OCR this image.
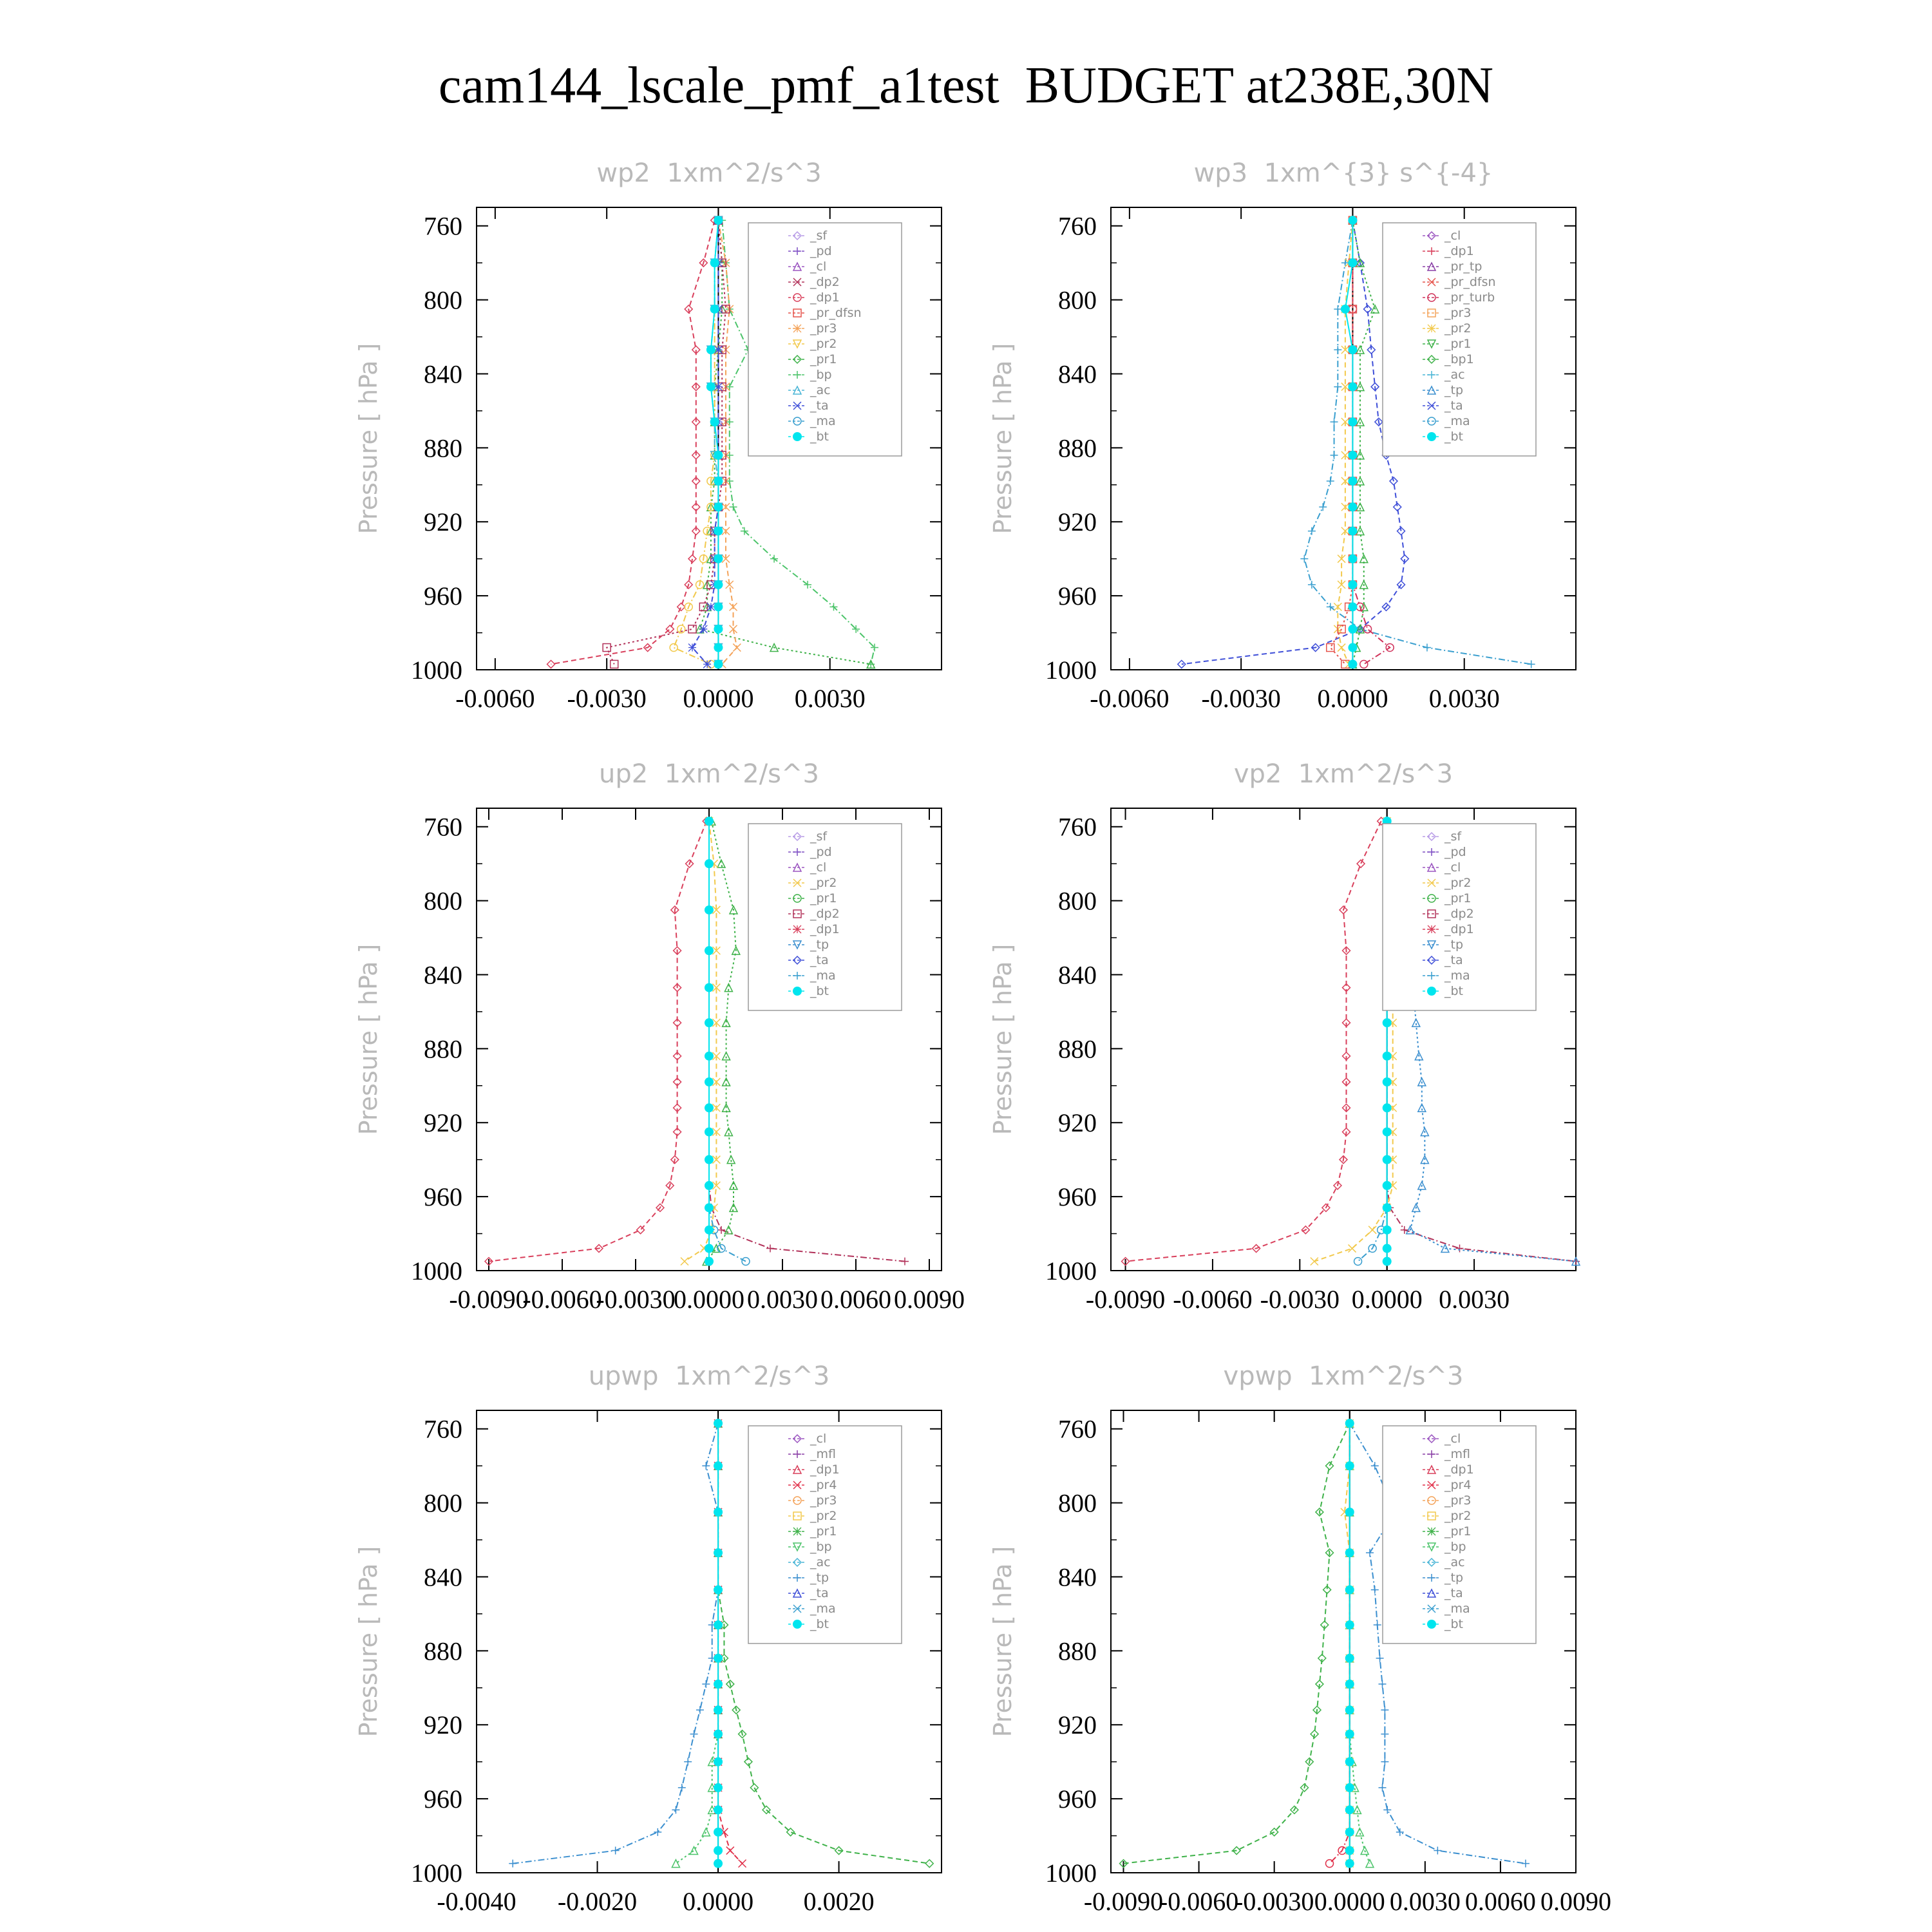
cam144_lscale_pmf_a1test  BUDGET at238E,30N
wp2  1xm^2/s^3
Pressure [ hPa ]
760
800
840
880
920
960
1000
-0.0060 -0.0030 0.0000 0.0030
_sf
_pd
_cl
_dp2
_dp1
_pr_dfsn
_pr3
_pr2
_pr1
_bp
_ac
_ta
_ma
_bt
wp3  1xm^{3} s^{-4}
Pressure [ hPa ]
760
800
840
880
920
960
1000
-0.0060 -0.0030 0.0000 0.0030
_cl
_dp1
_pr_tp
_pr_dfsn
_pr_turb
_pr3
_pr2
_pr1
_bp1
_ac
_tp
_ta
_ma
_bt
up2  1xm^2/s^3
Pressure [ hPa ]
760
800
840
880
920
960
1000
-0.0090
-0.0060
-0.0030
0.0000 0.0030 0.0060 0.0090
_sf
_pd
_cl
_pr2
_pr1
_dp2
_dp1
_tp
_ta
_ma
_bt
vp2  1xm^2/s^3
Pressure [ hPa ]
760
800
840
880
920
960
1000
-0.0090 -0.0060 -0.0030 0.0000 0.0030
_sf
_pd
_cl
_pr2
_pr1
_dp2
_dp1
_tp
_ta
_ma
_bt
upwp  1xm^2/s^3
Pressure [ hPa ]
760
800
840
880
920
960
1000
-0.0040 -0.0020 0.0000 0.0020
_cl
_mfl
_dp1
_pr4
_pr3
_pr2
_pr1
_bp
_ac
_tp
_ta
_ma
_bt
vpwp  1xm^2/s^3
Pressure [ hPa ]
760
800
840
880
920
960
1000
-0.0090
-0.0060
-0.0030 0.0000 0.0030 0.0060 0.0090
_cl
_mfl
_dp1
_pr4
_pr3
_pr2
_pr1
_bp
_ac
_tp
_ta
_ma
_bt
